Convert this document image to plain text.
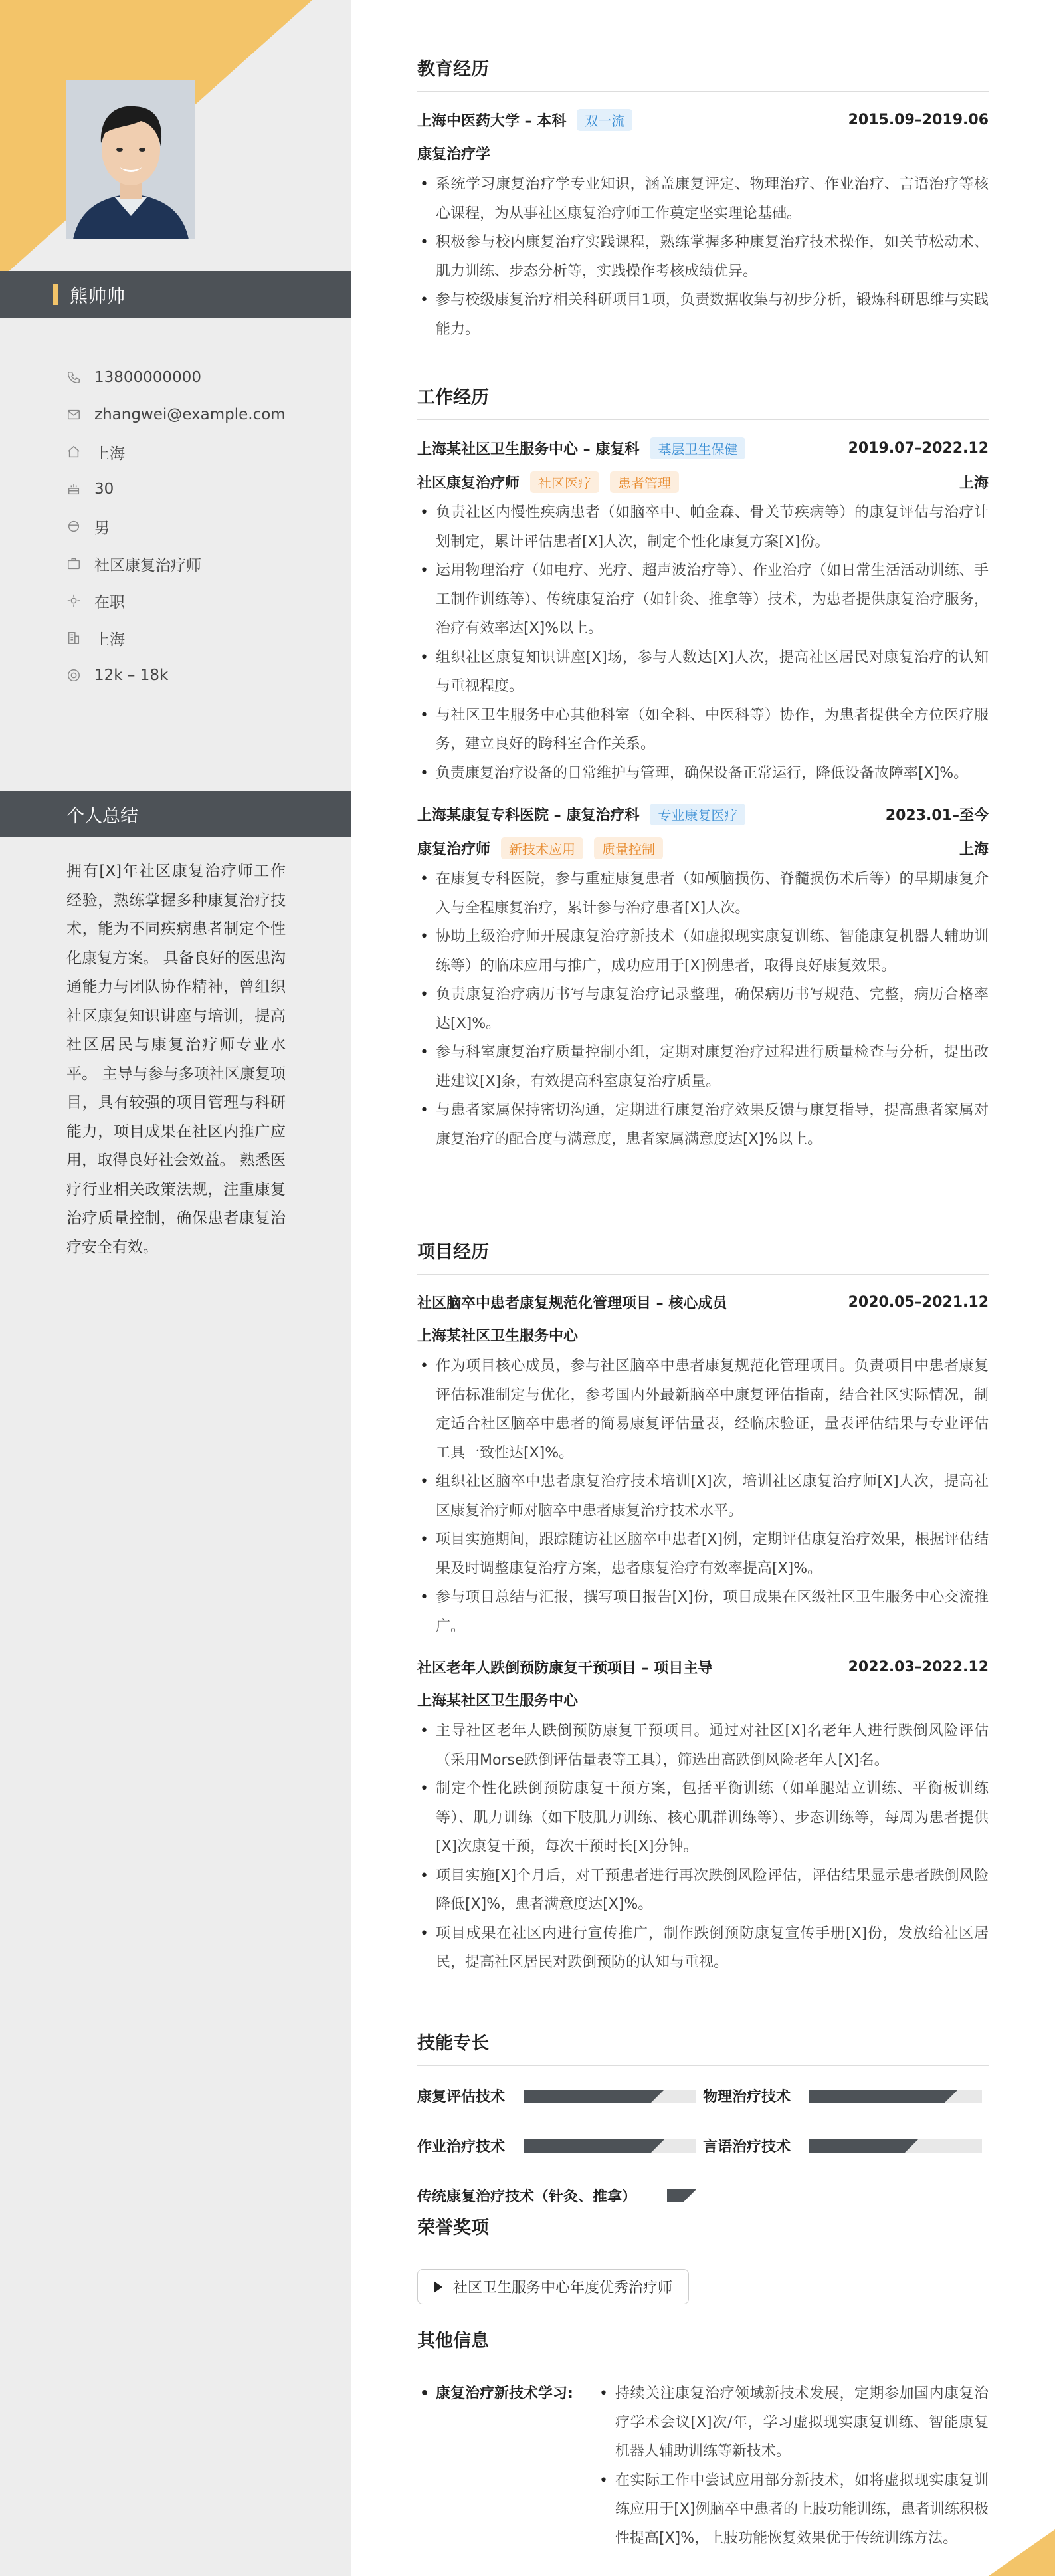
熊帅帅
13800000000
zhangwei@example.com
上海
30
男
社区康复治疗师
在职
上海
12k – 18k
个人总结
拥有[X]年社区康复治疗师工作经验，熟练掌握多种康复治疗技术，能为不同疾病患者制定个性化康复方案。 具备良好的医患沟通能力与团队协作精神，曾组织社区康复知识讲座与培训，提高社区居民与康复治疗师专业水平。 主导与参与多项社区康复项目，具有较强的项目管理与科研能力，项目成果在社区内推广应用，取得良好社会效益。 熟悉医疗行业相关政策法规，注重康复治疗质量控制，确保患者康复治疗安全有效。
教育经历
上海中医药大学 – 本科	双一流	2015.09–2019.06
康复治疗学
• 系统学习康复治疗学专业知识，涵盖康复评定、物理治疗、作业治疗、言语治疗等核心课程，为从事社区康复治疗师工作奠定坚实理论基础。
• 积极参与校内康复治疗实践课程，熟练掌握多种康复治疗技术操作，如关节松动术、肌力训练、步态分析等，实践操作考核成绩优异。
• 参与校级康复治疗相关科研项目1项，负责数据收集与初步分析，锻炼科研思维与实践能力。
工作经历
上海某社区卫生服务中心 – 康复科	基层卫生保健	2019.07–2022.12
社区康复治疗师	社区医疗	患者管理	上海
• 负责社区内慢性疾病患者（如脑卒中、帕金森、骨关节疾病等）的康复评估与治疗计划制定，累计评估患者[X]人次，制定个性化康复方案[X]份。
• 运用物理治疗（如电疗、光疗、超声波治疗等）、作业治疗（如日常生活活动训练、手工制作训练等）、传统康复治疗（如针灸、推拿等）技术，为患者提供康复治疗服务，治疗有效率达[X]%以上。
• 组织社区康复知识讲座[X]场，参与人数达[X]人次，提高社区居民对康复治疗的认知与重视程度。
• 与社区卫生服务中心其他科室（如全科、中医科等）协作，为患者提供全方位医疗服务，建立良好的跨科室合作关系。
• 负责康复治疗设备的日常维护与管理，确保设备正常运行，降低设备故障率[X]%。
上海某康复专科医院 – 康复治疗科	专业康复医疗	2023.01–至今
康复治疗师	新技术应用	质量控制	上海
• 在康复专科医院，参与重症康复患者（如颅脑损伤、脊髓损伤术后等）的早期康复介入与全程康复治疗，累计参与治疗患者[X]人次。
• 协助上级治疗师开展康复治疗新技术（如虚拟现实康复训练、智能康复机器人辅助训练等）的临床应用与推广，成功应用于[X]例患者，取得良好康复效果。
• 负责康复治疗病历书写与康复治疗记录整理，确保病历书写规范、完整，病历合格率达[X]%。
• 参与科室康复治疗质量控制小组，定期对康复治疗过程进行质量检查与分析，提出改进建议[X]条，有效提高科室康复治疗质量。
• 与患者家属保持密切沟通，定期进行康复治疗效果反馈与康复指导，提高患者家属对康复治疗的配合度与满意度，患者家属满意度达[X]%以上。
项目经历
社区脑卒中患者康复规范化管理项目 – 核心成员	2020.05–2021.12
上海某社区卫生服务中心
• 作为项目核心成员，参与社区脑卒中患者康复规范化管理项目。负责项目中患者康复评估标准制定与优化，参考国内外最新脑卒中康复评估指南，结合社区实际情况，制定适合社区脑卒中患者的简易康复评估量表，经临床验证，量表评估结果与专业评估工具一致性达[X]%。
• 组织社区脑卒中患者康复治疗技术培训[X]次，培训社区康复治疗师[X]人次，提高社区康复治疗师对脑卒中患者康复治疗技术水平。
• 项目实施期间，跟踪随访社区脑卒中患者[X]例，定期评估康复治疗效果，根据评估结果及时调整康复治疗方案，患者康复治疗有效率提高[X]%。
• 参与项目总结与汇报，撰写项目报告[X]份，项目成果在区级社区卫生服务中心交流推广。
社区老年人跌倒预防康复干预项目 – 项目主导	2022.03–2022.12
上海某社区卫生服务中心
• 主导社区老年人跌倒预防康复干预项目。通过对社区[X]名老年人进行跌倒风险评估（采用Morse跌倒评估量表等工具），筛选出高跌倒风险老年人[X]名。
• 制定个性化跌倒预防康复干预方案，包括平衡训练（如单腿站立训练、平衡板训练等）、肌力训练（如下肢肌力训练、核心肌群训练等）、步态训练等，每周为患者提供[X]次康复干预，每次干预时长[X]分钟。
• 项目实施[X]个月后，对干预患者进行再次跌倒风险评估，评估结果显示患者跌倒风险降低[X]%，患者满意度达[X]%。
• 项目成果在社区内进行宣传推广，制作跌倒预防康复宣传手册[X]份，发放给社区居民，提高社区居民对跌倒预防的认知与重视。
技能专长
康复评估技术	物理治疗技术
作业治疗技术	言语治疗技术
传统康复治疗技术（针灸、推拿）
荣誉奖项
社区卫生服务中心年度优秀治疗师
其他信息
• 康复治疗新技术学习:
•	持续关注康复治疗领域新技术发展，定期参加国内康复治疗学术会议[X]次/年，学习虚拟现实康复训练、智能康复机器人辅助训练等新技术。
• 在实际工作中尝试应用部分新技术，如将虚拟现实康复训练应用于[X]例脑卒中患者的上肢功能训练，患者训练积极性提高[X]%，上肢功能恢复效果优于传统训练方法。
